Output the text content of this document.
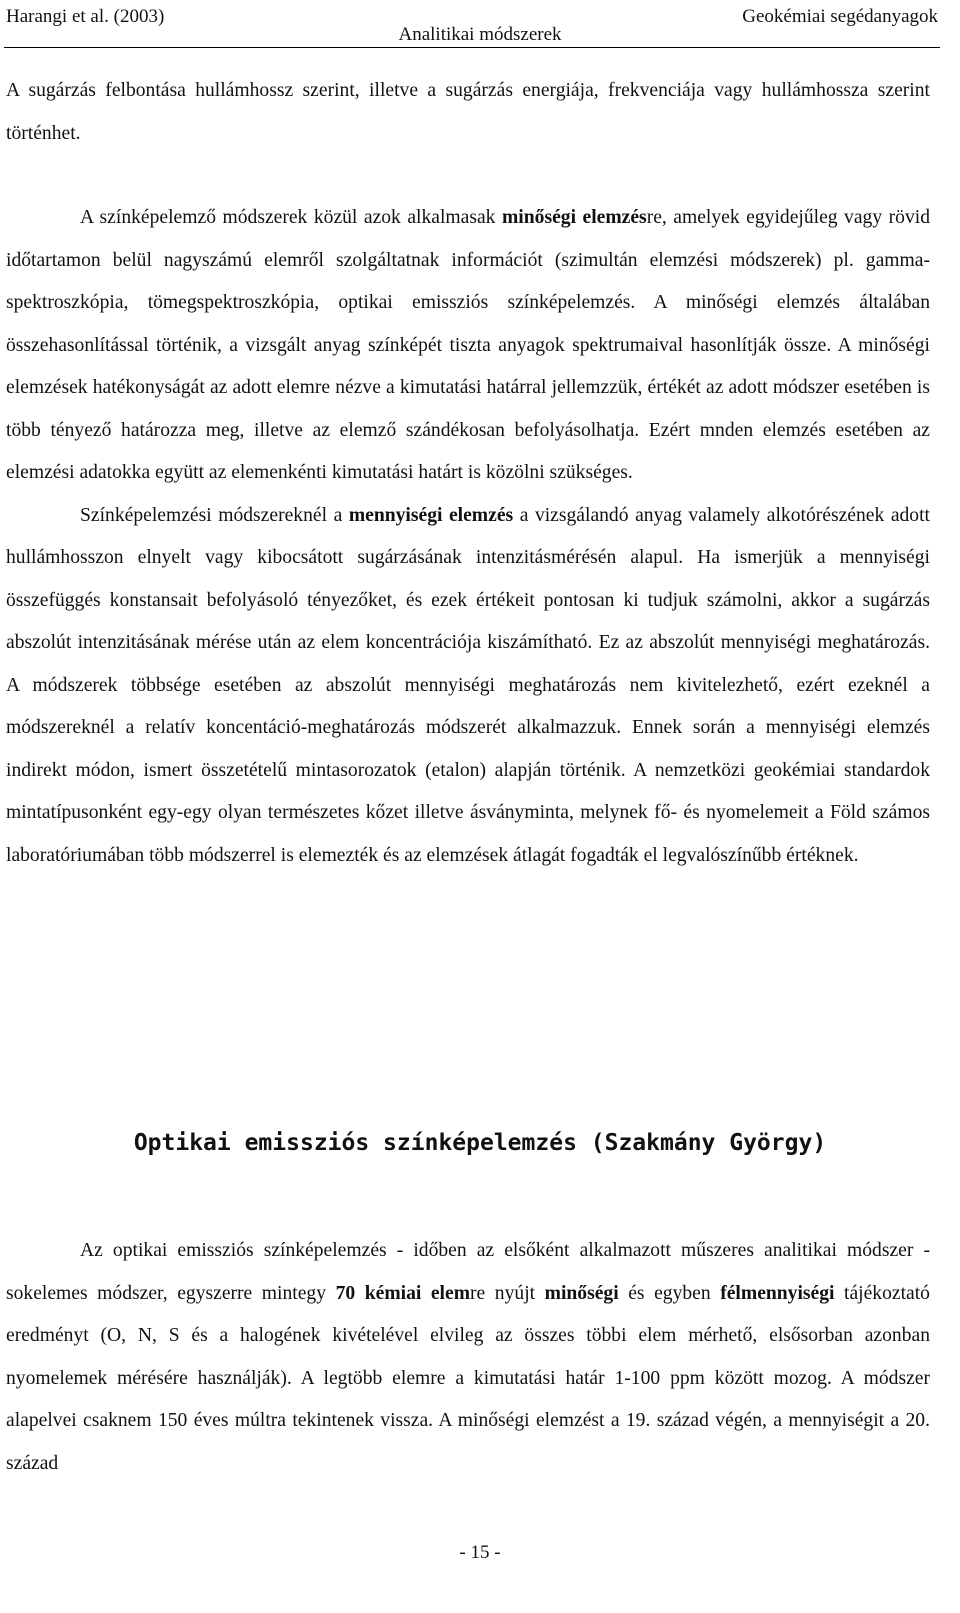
Harangi et al. (2003)	Geokémiai segédanyagok
Analitikai módszerek

A sugárzás felbontása hullámhossz szerint, illetve a sugárzás energiája, frekvenciája vagy hullámhossza szerint történhet.

A színképelemző módszerek közül azok alkalmasak minőségi elemzésre, amelyek egyidejűleg vagy rövid időtartamon belül nagyszámú elemről szolgáltatnak információt (szimultán elemzési módszerek) pl. gamma-spektroszkópia, tömegspektroszkópia, optikai emissziós színképelemzés. A minőségi elemzés általában összehasonlítással történik, a vizsgált anyag színképét tiszta anyagok spektrumaival hasonlítják össze. A minőségi elemzések hatékonyságát az adott elemre nézve a kimutatási határral jellemzzük, értékét az adott módszer esetében is több tényező határozza meg, illetve az elemző szándékosan befolyásolhatja. Ezért mnden elemzés esetében az elemzési adatokka együtt az elemenkénti kimutatási határt is közölni szükséges.

Színképelemzési módszereknél a mennyiségi elemzés a vizsgálandó anyag valamely alkotórészének adott hullámhosszon elnyelt vagy kibocsátott sugárzásának intenzitásmérésén alapul. Ha ismerjük a mennyiségi összefüggés konstansait befolyásoló tényezőket, és ezek értékeit pontosan ki tudjuk számolni, akkor a sugárzás abszolút intenzitásának mérése után az elem koncentrációja kiszámítható. Ez az abszolút mennyiségi meghatározás. A módszerek többsége esetében az abszolút mennyiségi meghatározás nem kivitelezhető, ezért ezeknél a módszereknél a relatív koncentáció-meghatározás módszerét alkalmazzuk. Ennek során a mennyiségi elemzés indirekt módon, ismert összetételű mintasorozatok (etalon) alapján történik. A nemzetközi geokémiai standardok mintatípusonként egy-egy olyan természetes kőzet illetve ásványminta, melynek fő- és nyomelemeit a Föld számos laboratóriumában több módszerrel is elemezték és az elemzések átlagát fogadták el legvalószínűbb értéknek.

Optikai emissziós színképelemzés (Szakmány György)

Az optikai emissziós színképelemzés - időben az elsőként alkalmazott műszeres analitikai módszer - sokelemes módszer, egyszerre mintegy 70 kémiai elemre nyújt minőségi és egyben félmennyiségi tájékoztató eredményt (O, N, S és a halogének kivételével elvileg az összes többi elem mérhető, elsősorban azonban nyomelemek mérésére használják). A legtöbb elemre a kimutatási határ 1-100 ppm között mozog. A módszer alapelvei csaknem 150 éves múltra tekintenek vissza. A minőségi elemzést a 19. század végén, a mennyiségit a 20. század

- 15 -
